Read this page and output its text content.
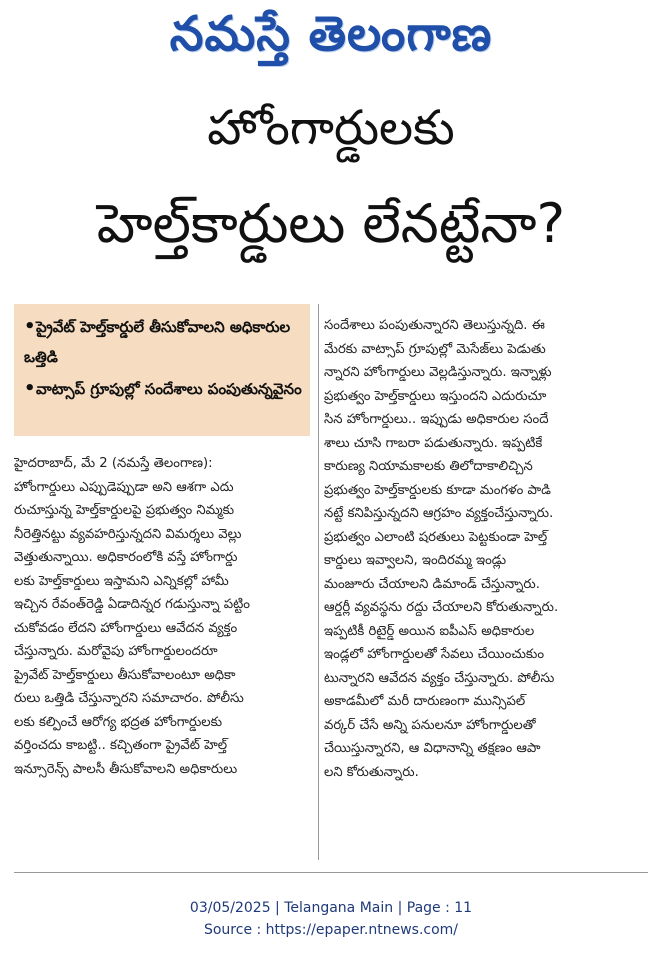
నమస్తే తెలంగాణ
హోంగార్డులకు
హెల్త్‌కార్డులు లేనట్టేనా?
•ప్రైవేట్ హెల్త్‌కార్డులే తీసుకోవాలని అధికారుల ఒత్తిడి
•వాట్సాప్ గ్రూపుల్లో సందేశాలు పంపుతున్నవైనం
హైదరాబాద్, మే 2 (నమస్తే తెలంగాణ):
హోంగార్డులు ఎప్పుడెప్పుడా అని ఆశగా ఎదు
రుచూస్తున్న హెల్త్‌కార్డులపై ప్రభుత్వం నిమ్మకు
నీరెత్తినట్టు వ్యవహరిస్తున్నదని విమర్శలు వెల్లు
వెత్తుతున్నాయి. అధికారంలోకి వస్తే హోంగార్డు
లకు హెల్త్‌కార్డులు ఇస్తామని ఎన్నికల్లో హామీ
ఇచ్చిన రేవంత్‌రెడ్డి ఏడాదిన్నర గడుస్తున్నా పట్టిం
చుకోవడం లేదని హోంగార్డులు ఆవేదన వ్యక్తం
చేస్తున్నారు. మరోవైపు హోంగార్డులందరూ
ప్రైవేట్ హెల్త్‌కార్డులు తీసుకోవాలంటూ అధికా
రులు ఒత్తిడి చేస్తున్నారని సమాచారం. పోలీసు
లకు కల్పించే ఆరోగ్య భద్రత హోంగార్డులకు
వర్తించదు కాబట్టి.. కచ్చితంగా ప్రైవేట్ హెల్త్
ఇన్సూరెన్స్ పాలసీ తీసుకోవాలని అధికారులు
సందేశాలు పంపుతున్నారని తెలుస్తున్నది. ఈ
మేరకు వాట్సాప్ గ్రూపుల్లో మెసేజ్‌లు పెడుతు
న్నారని హోంగార్డులు వెల్లడిస్తున్నారు. ఇన్నాళ్లు
ప్రభుత్వం హెల్త్‌కార్డులు ఇస్తుందని ఎదురుచూ
సిన హోంగార్డులు.. ఇప్పుడు అధికారుల సందే
శాలు చూసి గాబరా పడుతున్నారు. ఇప్పటికే
కారుణ్య నియామకాలకు తిలోదాకాలిచ్చిన
ప్రభుత్వం హెల్త్‌కార్డులకు కూడా మంగళం పాడి
నట్టే కనిపిస్తున్నదని ఆగ్రహం వ్యక్తంచేస్తున్నారు.
ప్రభుత్వం ఎలాంటి షరతులు పెట్టకుండా హెల్త్
కార్డులు ఇవ్వాలని, ఇందిరమ్మ ఇండ్లు
మంజూరు చేయాలని డిమాండ్ చేస్తున్నారు.
ఆర్డర్లీ వ్యవస్థను రద్దు చేయాలని కోరుతున్నారు.
ఇప్పటికీ రిటైర్డ్ అయిన ఐపీఎస్ అధికారుల
ఇండ్లలో హోంగార్డులతో సేవలు చేయించుకుం
టున్నారని ఆవేదన వ్యక్తం చేస్తున్నారు. పోలీసు
అకాడమీలో మరీ దారుణంగా మున్సిపల్
వర్కర్ చేసే అన్ని పనులనూ హోంగార్డులతో
చేయిస్తున్నారని, ఆ విధానాన్ని తక్షణం ఆపా
లని కోరుతున్నారు.
03/05/2025 | Telangana Main | Page : 11
Source : https://epaper.ntnews.com/
